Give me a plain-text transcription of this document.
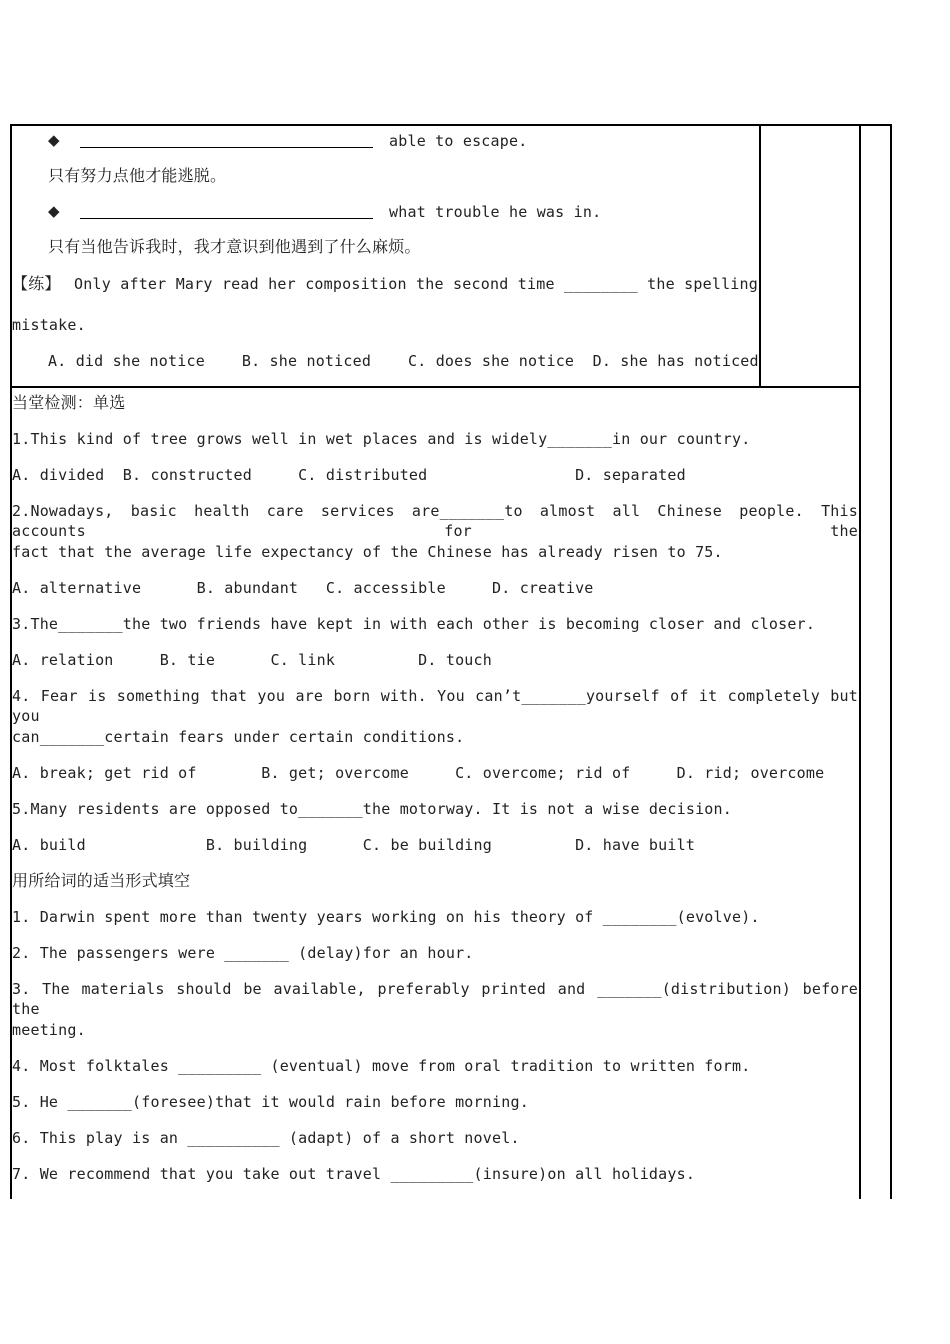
◆	able to escape.
只有努力点他才能逃脱。
◆	what trouble he was in.
只有当他告诉我时，我才意识到他遇到了什么麻烦。
【练】 Only after Mary read her composition the second time ________ the spelling
mistake.
A. did she notice    B. she noticed    C. does she notice  D. she has noticed
当堂检测：单选
1.This kind of tree grows well in wet places and is widely_______in our country.
A. divided  B. constructed     C. distributed                D. separated
2.Nowadays, basic health care services are_______to almost all Chinese people. This accounts for the
fact that the average life expectancy of the Chinese has already risen to 75.
A. alternative      B. abundant   C. accessible     D. creative
3.The_______the two friends have kept in with each other is becoming closer and closer.
A. relation     B. tie      C. link         D. touch
4. Fear is something that you are born with. You can’t_______yourself of it completely but you
can_______certain fears under certain conditions.
A. break; get rid of       B. get; overcome     C. overcome; rid of     D. rid; overcome
5.Many residents are opposed to_______the motorway. It is not a wise decision.
A. build             B. building      C. be building         D. have built
用所给词的适当形式填空
1. Darwin spent more than twenty years working on his theory of ________(evolve).
2. The passengers were _______ (delay)for an hour.
3. The materials should be available, preferably printed and _______(distribution) before the
meeting.
4. Most folktales _________ (eventual) move from oral tradition to written form.
5. He _______(foresee)that it would rain before morning.
6. This play is an __________ (adapt) of a short novel.
7. We recommend that you take out travel _________(insure)on all holidays.
